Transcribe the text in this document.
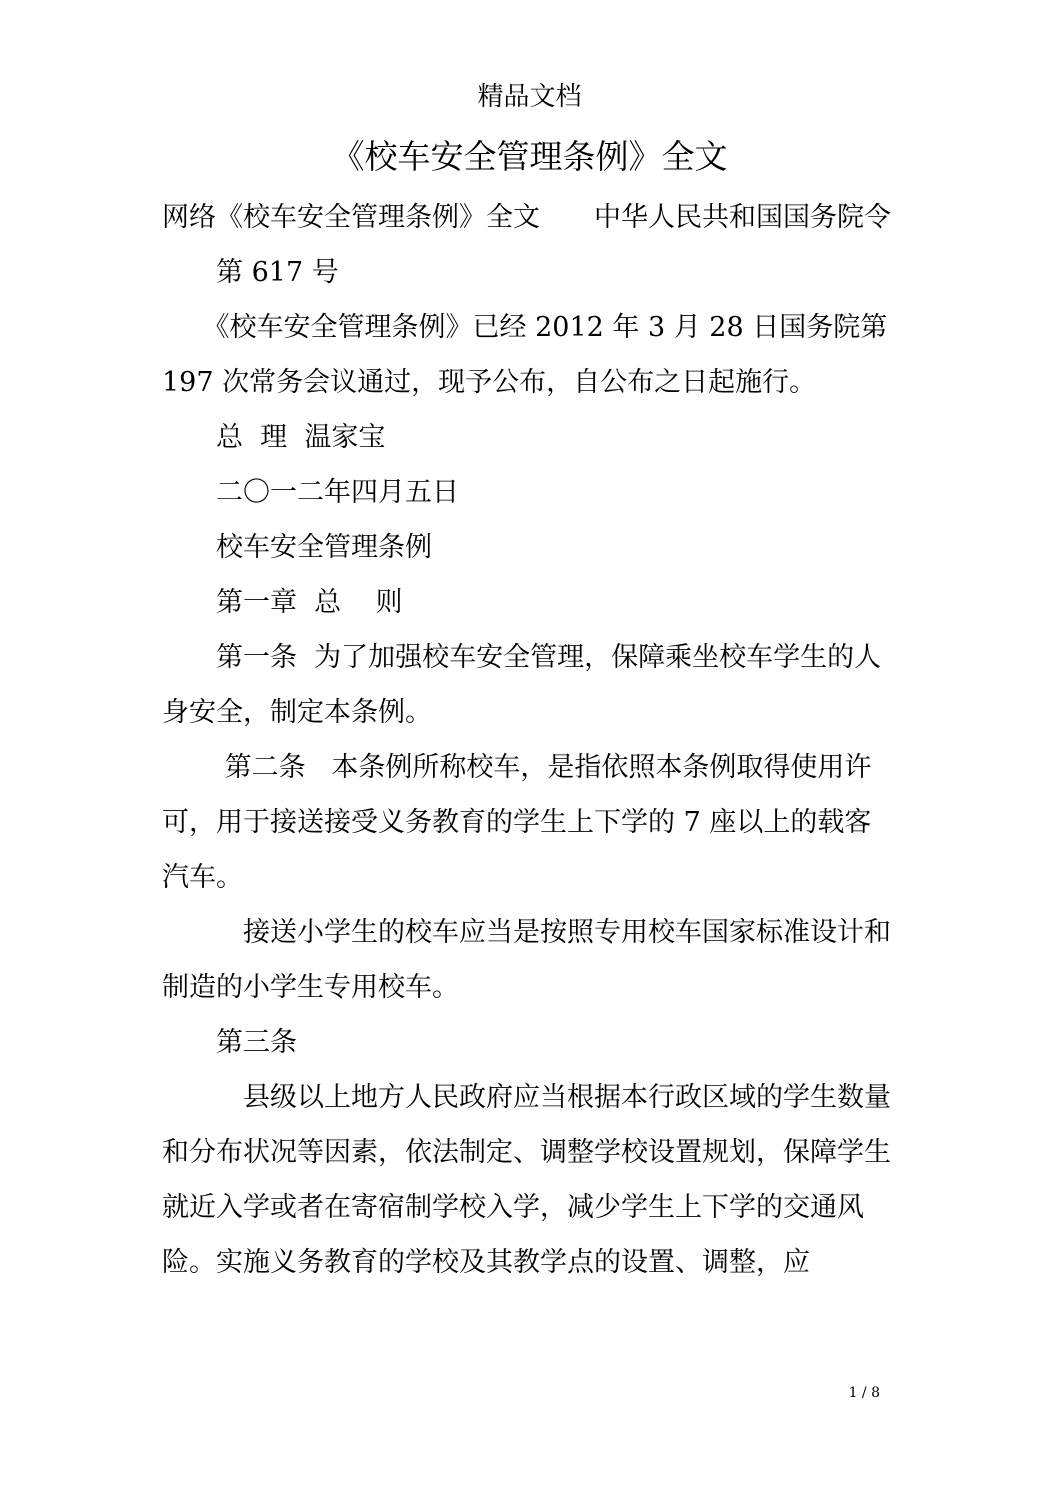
精品文档
《校车安全管理条例》全文

网络《校车安全管理条例》全文　　中华人民共和国国务院令

　　第 617 号

　　《校车安全管理条例》已经 2012 年 3 月 28 日国务院第 197 次常务会议通过，现予公布，自公布之日起施行。

　　总  理  温家宝

　　二〇一二年四月五日

　　校车安全管理条例

　　第一章  总    则

　　第一条  为了加强校车安全管理，保障乘坐校车学生的人身安全，制定本条例。

　　 第二条   本条例所称校车，是指依照本条例取得使用许可，用于接送接受义务教育的学生上下学的 7 座以上的载客汽车。

　　　接送小学生的校车应当是按照专用校车国家标准设计和制造的小学生专用校车。

　　第三条

　　　县级以上地方人民政府应当根据本行政区域的学生数量和分布状况等因素，依法制定、调整学校设置规划，保障学生就近入学或者在寄宿制学校入学，减少学生上下学的交通风险。实施义务教育的学校及其教学点的设置、调整，应

1 / 8
